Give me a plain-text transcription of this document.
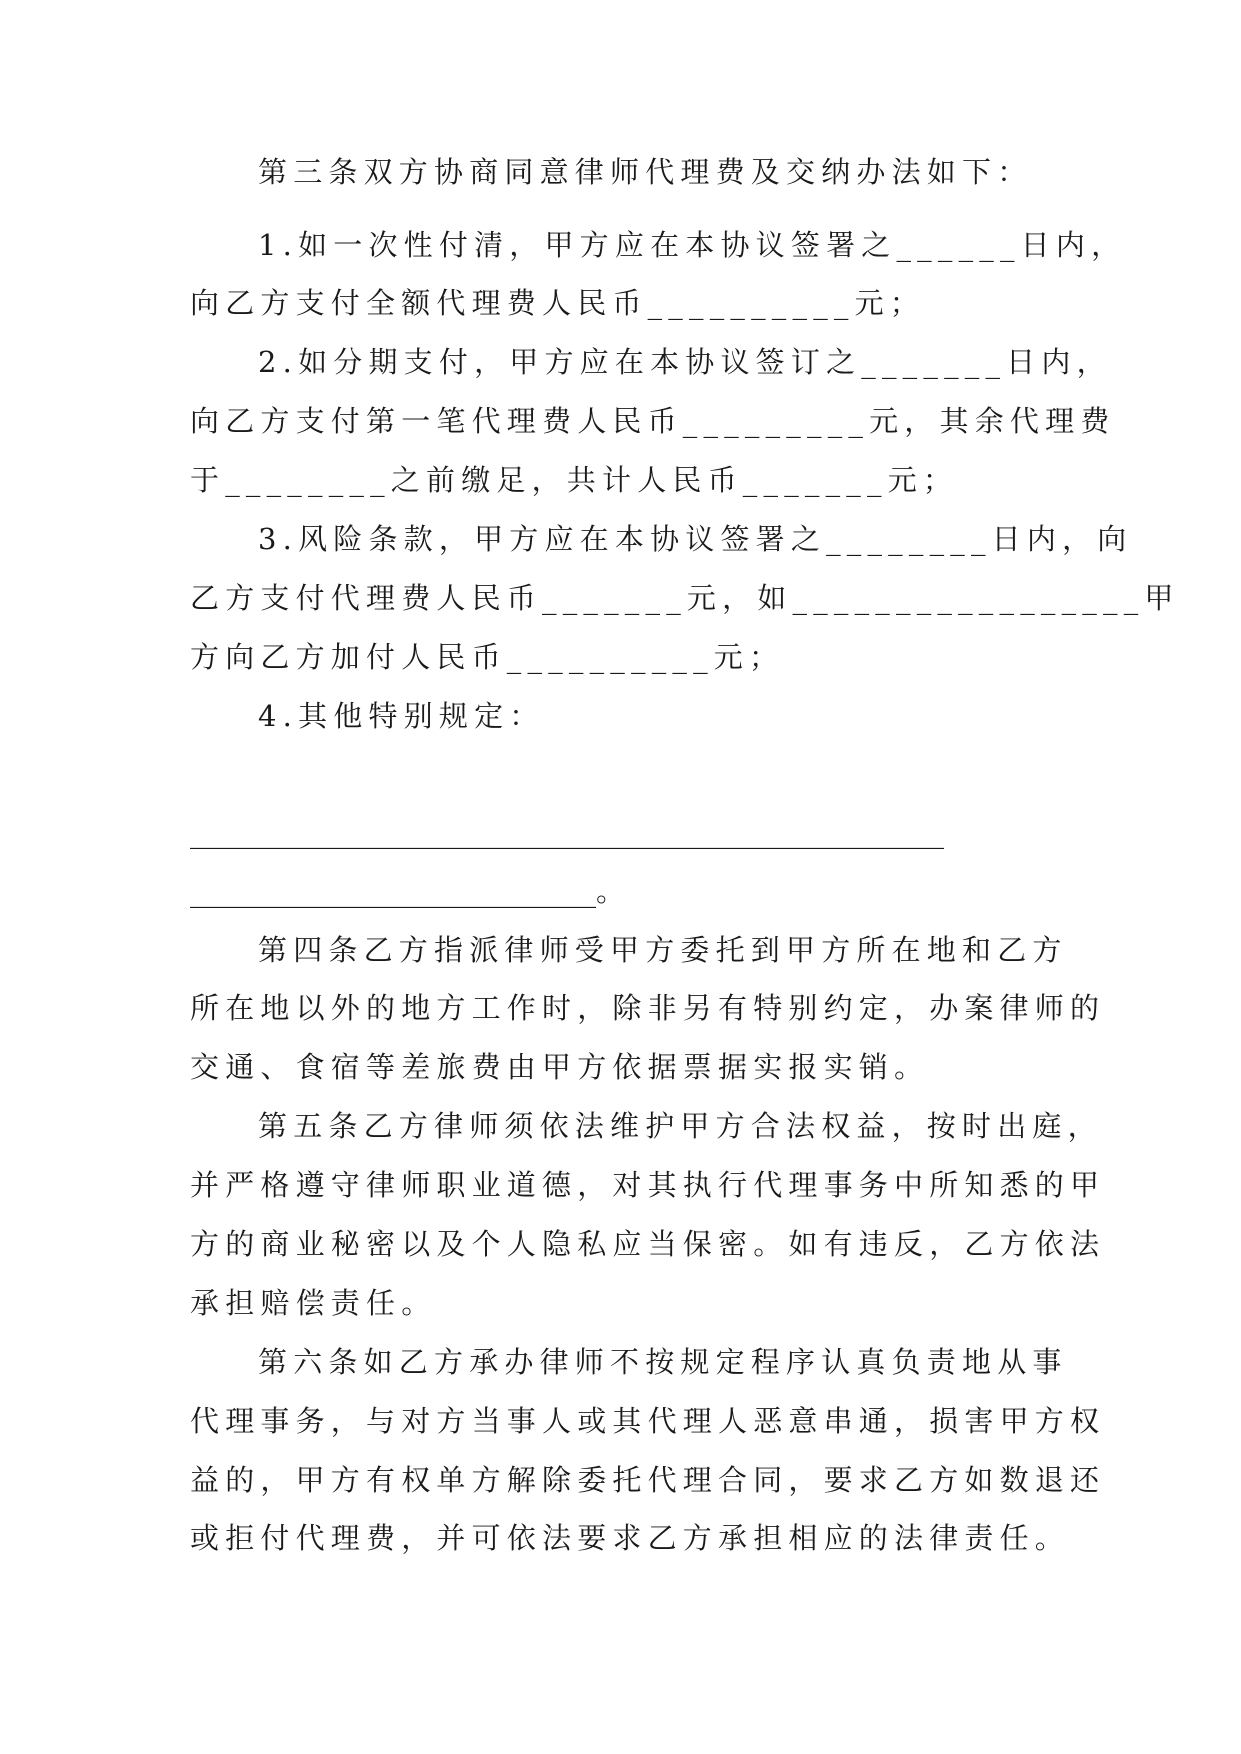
第三条双方协商同意律师代理费及交纳办法如下：
1.如一次性付清，甲方应在本协议签署之______日内，
向乙方支付全额代理费人民币__________元；
2.如分期支付，甲方应在本协议签订之_______日内，
向乙方支付第一笔代理费人民币_________元，其余代理费
于________之前缴足，共计人民币_______元；
3.风险条款，甲方应在本协议签署之________日内，向
乙方支付代理费人民币_______元，如_________________甲
方向乙方加付人民币__________元；
4.其他特别规定：
____________________________________________________
____________________________。
第四条乙方指派律师受甲方委托到甲方所在地和乙方
所在地以外的地方工作时，除非另有特别约定，办案律师的
交通、食宿等差旅费由甲方依据票据实报实销。
第五条乙方律师须依法维护甲方合法权益，按时出庭，
并严格遵守律师职业道德，对其执行代理事务中所知悉的甲
方的商业秘密以及个人隐私应当保密。如有违反，乙方依法
承担赔偿责任。
第六条如乙方承办律师不按规定程序认真负责地从事
代理事务，与对方当事人或其代理人恶意串通，损害甲方权
益的，甲方有权单方解除委托代理合同，要求乙方如数退还
或拒付代理费，并可依法要求乙方承担相应的法律责任。
